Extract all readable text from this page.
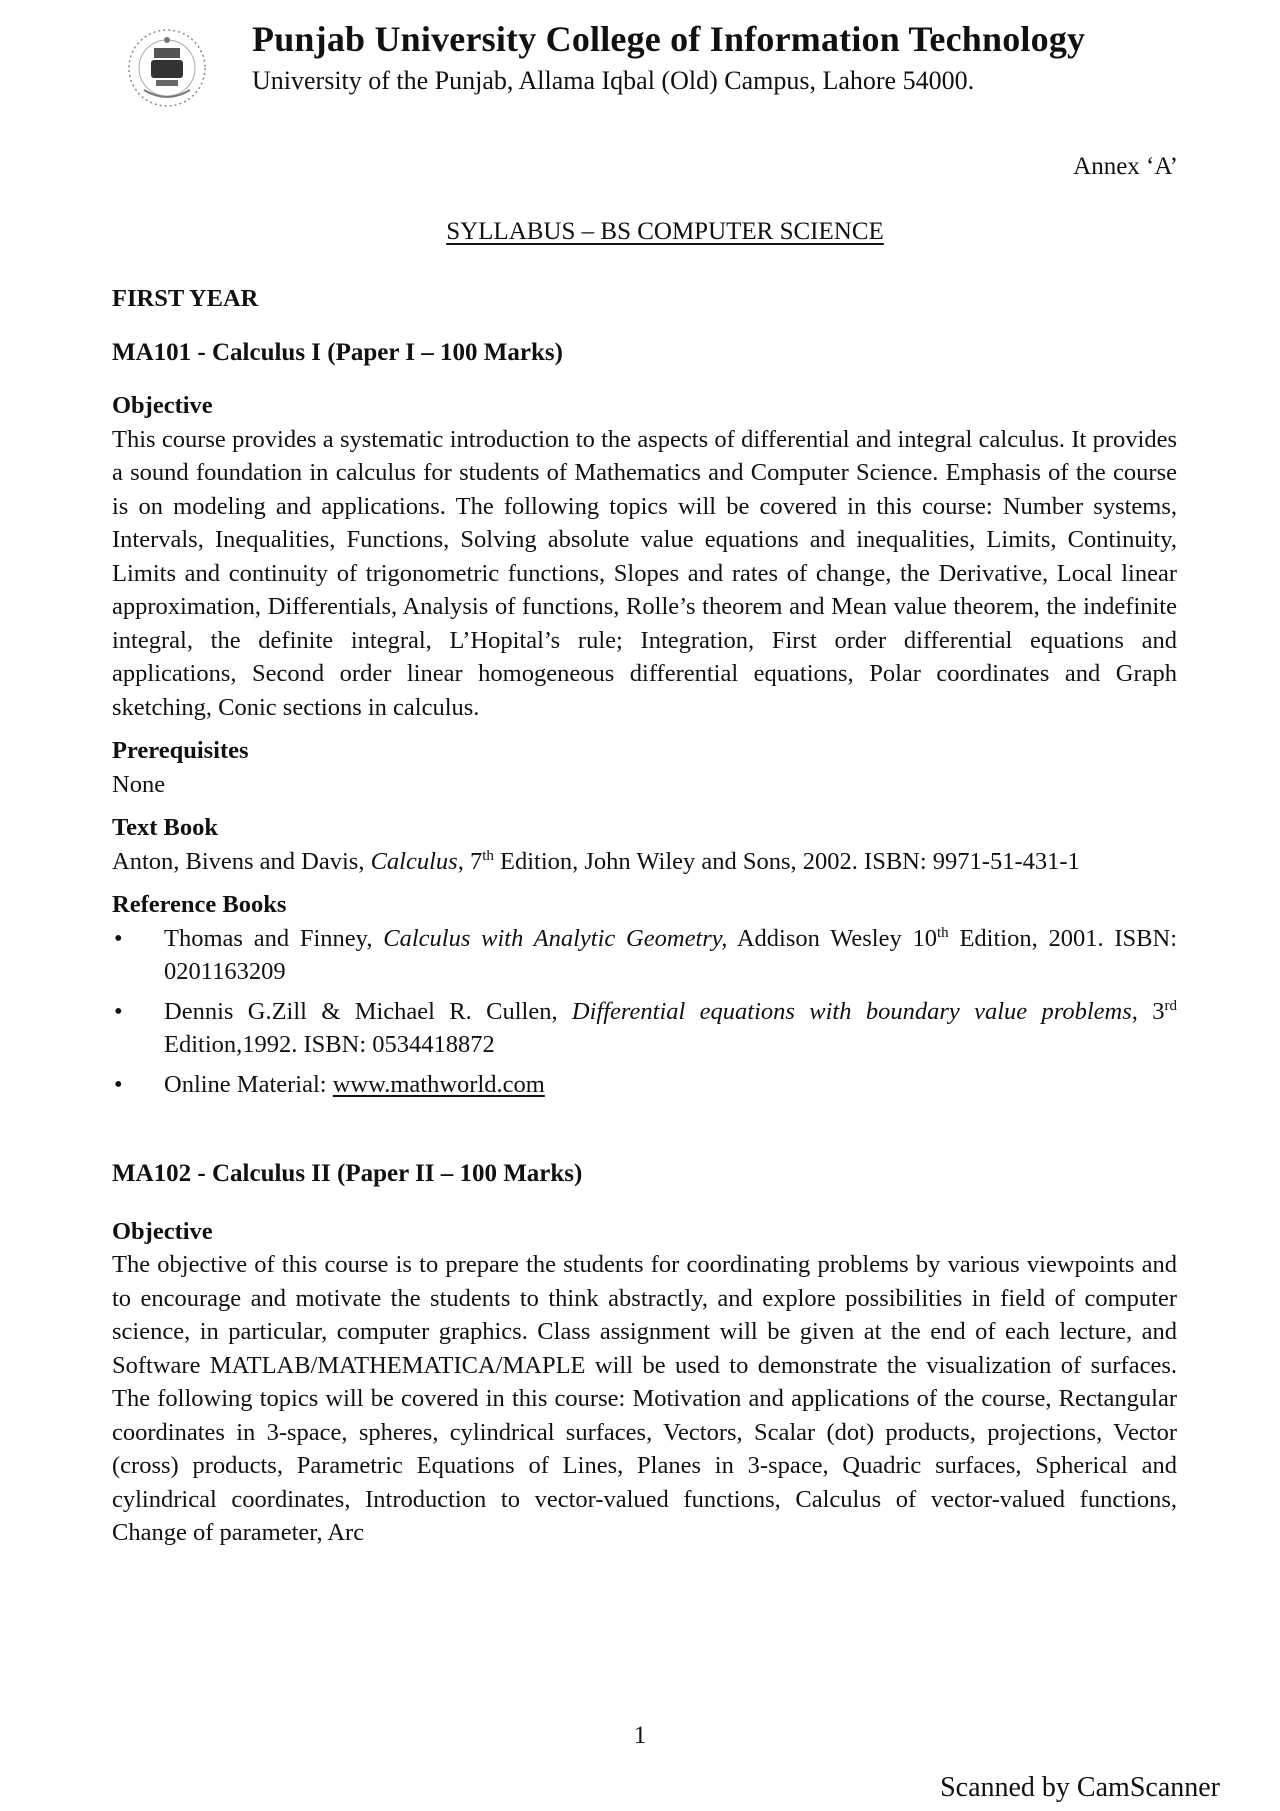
Punjab University College of Information Technology
University of the Punjab, Allama Iqbal (Old) Campus, Lahore 54000.
Annex ‘A’
SYLLABUS – BS COMPUTER SCIENCE

FIRST YEAR

MA101 - Calculus I (Paper I – 100 Marks)

Objective

This course provides a systematic introduction to the aspects of differential and integral calculus. It provides a sound foundation in calculus for students of Mathematics and Computer Science. Emphasis of the course is on modeling and applications. The following topics will be covered in this course: Number systems, Intervals, Inequalities, Functions, Solving absolute value equations and inequalities, Limits, Continuity, Limits and continuity of trigonometric functions, Slopes and rates of change, the Derivative, Local linear approximation, Differentials, Analysis of functions, Rolle’s theorem and Mean value theorem, the indefinite integral, the definite integral, L’Hopital’s rule; Integration, First order differential equations and applications, Second order linear homogeneous differential equations, Polar coordinates and Graph sketching, Conic sections in calculus.

Prerequisites

None

Text Book

Anton, Bivens and Davis, Calculus, 7th Edition, John Wiley and Sons, 2002. ISBN: 9971-51-431-1

Reference Books

• Thomas and Finney, Calculus with Analytic Geometry, Addison Wesley 10th Edition, 2001. ISBN: 0201163209
• Dennis G.Zill & Michael R. Cullen, Differential equations with boundary value problems, 3rd Edition,1992. ISBN: 0534418872
• Online Material: www.mathworld.com

MA102 - Calculus II (Paper II – 100 Marks)

Objective

The objective of this course is to prepare the students for coordinating problems by various viewpoints and to encourage and motivate the students to think abstractly, and explore possibilities in field of computer science, in particular, computer graphics. Class assignment will be given at the end of each lecture, and Software MATLAB/MATHEMATICA/MAPLE will be used to demonstrate the visualization of surfaces. The following topics will be covered in this course: Motivation and applications of the course, Rectangular coordinates in 3-space, spheres, cylindrical surfaces, Vectors, Scalar (dot) products, projections, Vector (cross) products, Parametric Equations of Lines, Planes in 3-space, Quadric surfaces, Spherical and cylindrical coordinates, Introduction to vector-valued functions, Calculus of vector-valued functions, Change of parameter, Arc

1
Scanned by CamScanner
